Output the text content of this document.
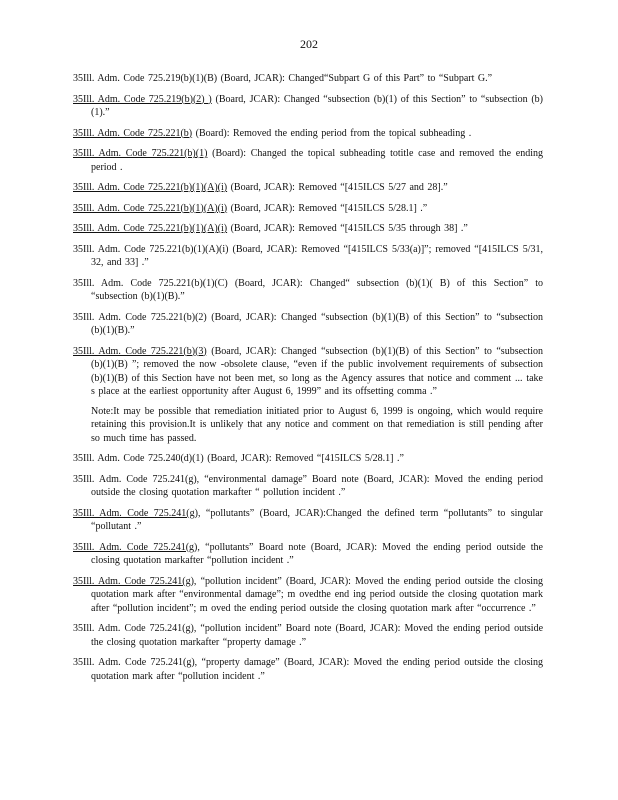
202

35Ill. Adm. Code 725.219(b)(1)(B) (Board, JCAR): Changed“Subpart G of this Part” to “Subpart G.”

35Ill. Adm. Code 725.219(b)(2) ) (Board, JCAR): Changed “subsection (b)(1) of this Section” to “subsection (b)(1).”

35Ill. Adm. Code 725.221(b) (Board): Removed the ending period from the topical subheading .

35Ill. Adm. Code 725.221(b)(1) (Board): Changed the topical subheading totitle case and removed the ending period .

35Ill. Adm. Code 725.221(b)(1)(A)(i) (Board, JCAR): Removed “[415ILCS 5/27 and 28].”

35Ill. Adm. Code 725.221(b)(1)(A)(i) (Board, JCAR): Removed “[415ILCS 5/28.1] .”

35Ill. Adm. Code 725.221(b)(1)(A)(i) (Board, JCAR): Removed “[415ILCS 5/35 through 38] .”

35Ill. Adm. Code 725.221(b)(1)(A)(i) (Board, JCAR): Removed “[415ILCS 5/33(a)]”; removed “[415ILCS 5/31, 32, and 33] .”

35Ill. Adm. Code 725.221(b)(1)(C) (Board, JCAR): Changed“ subsection (b)(1)( B) of this Section” to “subsection (b)(1)(B).”

35Ill. Adm. Code 725.221(b)(2) (Board, JCAR): Changed “subsection (b)(1)(B) of this Section” to “subsection (b)(1)(B).”

35Ill. Adm. Code 725.221(b)(3) (Board, JCAR): Changed “subsection (b)(1)(B) of this Section” to “subsection (b)(1)(B) ”; removed the now -obsolete clause, “even if the public involvement requirements of subsection (b)(1)(B) of this Section have not been met, so long as the Agency assures that notice and comment ... take s place at the earliest opportunity after August 6, 1999” and its offsetting comma .”

Note:It may be possible that remediation initiated prior to August 6, 1999 is ongoing, which would require retaining this provision.It is unlikely that any notice and comment on that remediation is still pending after so much time has passed.

35Ill. Adm. Code 725.240(d)(1) (Board, JCAR): Removed “[415ILCS 5/28.1] .”

35Ill. Adm. Code 725.241(g), “environmental damage” Board note (Board, JCAR): Moved the ending period outside the closing quotation markafter “ pollution incident .”

35Ill. Adm. Code 725.241(g), “pollutants” (Board, JCAR):Changed the defined term “pollutants” to singular “pollutant .”

35Ill. Adm. Code 725.241(g), “pollutants” Board note (Board, JCAR): Moved the ending period outside the closing quotation markafter “pollution incident .”

35Ill. Adm. Code 725.241(g), “pollution incident” (Board, JCAR): Moved the ending period outside the closing quotation mark after “environmental damage”; m ovedthe end ing period outside the closing quotation mark after “pollution incident”; m oved the ending period outside the closing quotation mark after “occurrence .”

35Ill. Adm. Code 725.241(g), “pollution incident” Board note (Board, JCAR): Moved the ending period outside the closing quotation markafter “property damage .”

35Ill. Adm. Code 725.241(g), “property damage” (Board, JCAR): Moved the ending period outside the closing quotation mark after “pollution incident .”
